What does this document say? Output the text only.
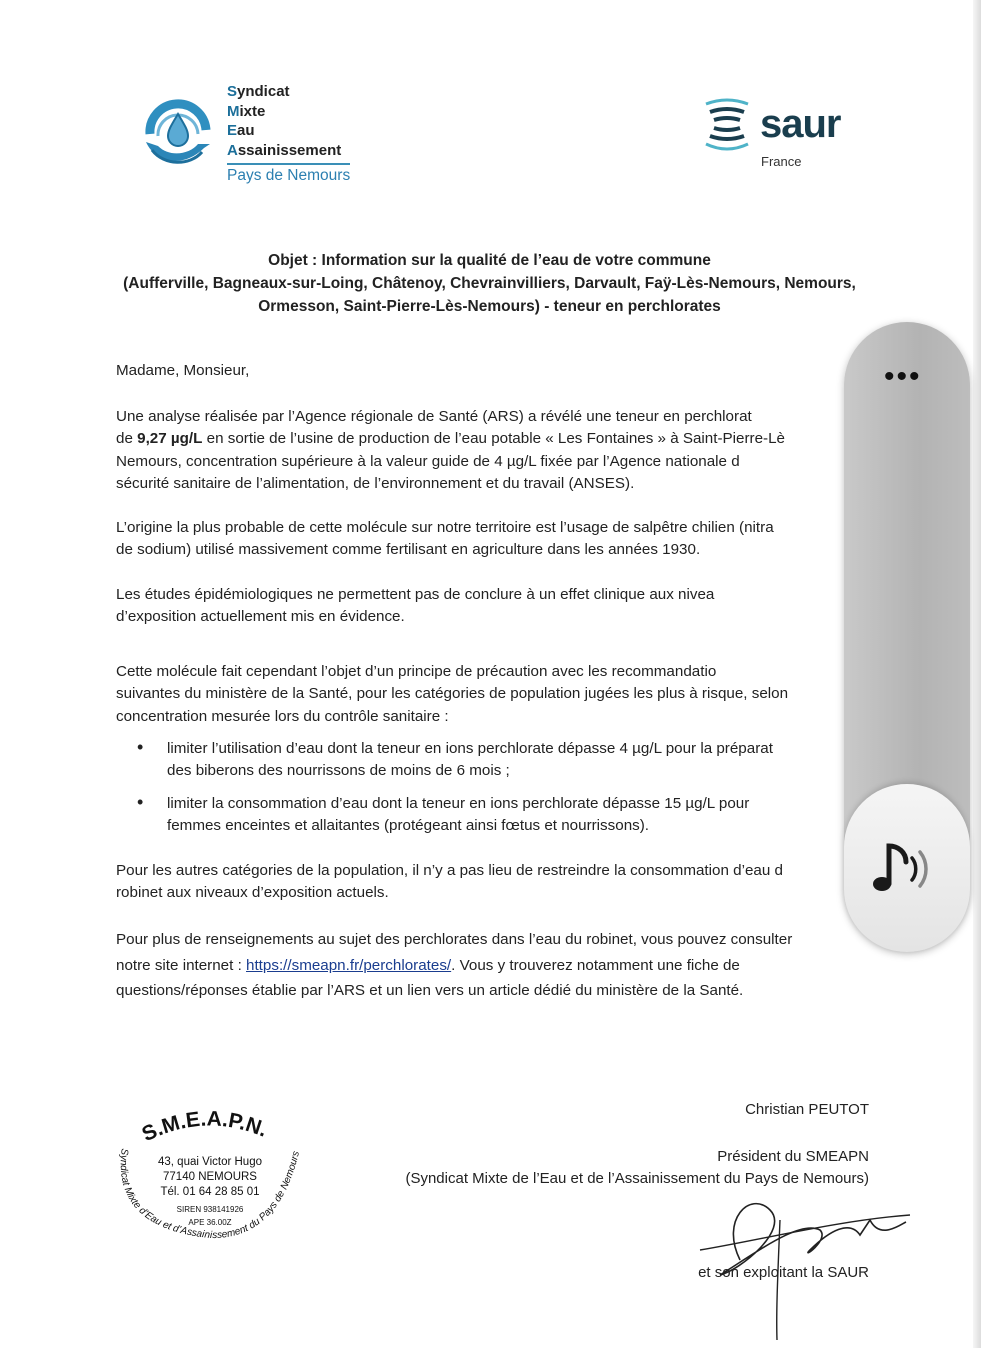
Syndicat
Mixte
Eau
Assainissement
Pays de Nemours
saur
France
Objet : Information sur la qualité de l’eau de votre commune
(Aufferville, Bagneaux-sur-Loing, Châtenoy, Chevrainvilliers, Darvault, Faÿ-Lès-Nemours, Nemours,
Ormesson, Saint-Pierre-Lès-Nemours) - teneur en perchlorates
Madame, Monsieur,
Une analyse réalisée par l’Agence régionale de Santé (ARS) a révélé une teneur en perchlorat
de 9,27 µg/L en sortie de l’usine de production de l’eau potable « Les Fontaines » à Saint-Pierre-Lè
Nemours, concentration supérieure à la valeur guide de 4 µg/L fixée par l’Agence nationale d
sécurité sanitaire de l’alimentation, de l’environnement et du travail (ANSES).
L’origine la plus probable de cette molécule sur notre territoire est l’usage de salpêtre chilien (nitra
de sodium) utilisé massivement comme fertilisant en agriculture dans les années 1930.
Les études épidémiologiques ne permettent pas de conclure à un effet clinique aux nivea
d’exposition actuellement mis en évidence.
Cette molécule fait cependant l’objet d’un principe de précaution avec les recommandatio
suivantes du ministère de la Santé, pour les catégories de population jugées les plus à risque, selon
concentration mesurée lors du contrôle sanitaire :
• limiter l’utilisation d’eau dont la teneur en ions perchlorate dépasse 4 µg/L pour la préparat
des biberons des nourrissons de moins de 6 mois ;
• limiter la consommation d’eau dont la teneur en ions perchlorate dépasse 15 µg/L pour
femmes enceintes et allaitantes (protégeant ainsi fœtus et nourrissons).
Pour les autres catégories de la population, il n’y a pas lieu de restreindre la consommation d’eau d
robinet aux niveaux d’exposition actuels.
Pour plus de renseignements au sujet des perchlorates dans l’eau du robinet, vous pouvez consulter
notre site internet : https://smeapn.fr/perchlorates/. Vous y trouverez notamment une fiche de
questions/réponses établie par l’ARS et un lien vers un article dédié du ministère de la Santé.
S.M.E.A.P.N.
Syndicat Mixte d’Eau et d’Assainissement du Pays de Nemours
43, quai Victor Hugo
77140 NEMOURS
Tél. 01 64 28 85 01
SIREN 938141926
APE 36.00Z
Christian PEUTOT
Président du SMEAPN
(Syndicat Mixte de l’Eau et de l’Assainissement du Pays de Nemours)
et son exploitant la SAUR
•••
